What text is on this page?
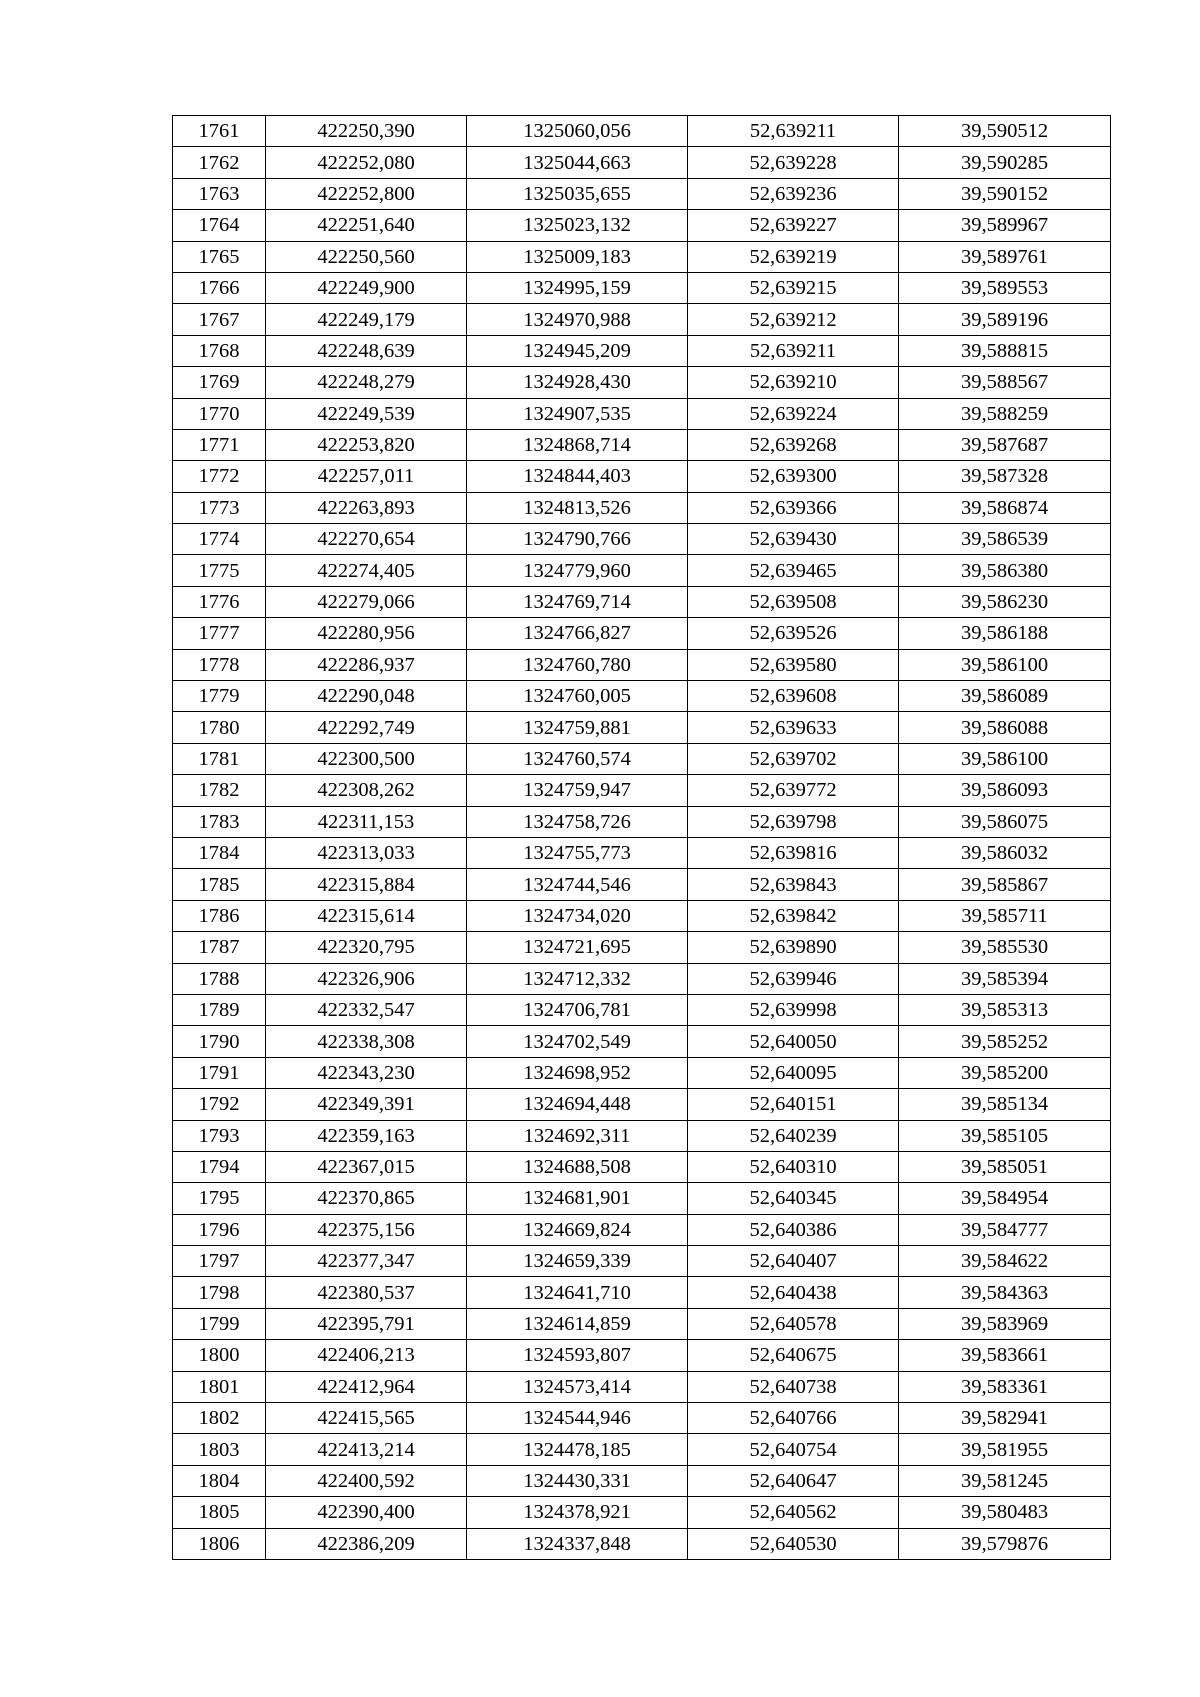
1761	422250,390	1325060,056	52,639211	39,590512
1762	422252,080	1325044,663	52,639228	39,590285
1763	422252,800	1325035,655	52,639236	39,590152
1764	422251,640	1325023,132	52,639227	39,589967
1765	422250,560	1325009,183	52,639219	39,589761
1766	422249,900	1324995,159	52,639215	39,589553
1767	422249,179	1324970,988	52,639212	39,589196
1768	422248,639	1324945,209	52,639211	39,588815
1769	422248,279	1324928,430	52,639210	39,588567
1770	422249,539	1324907,535	52,639224	39,588259
1771	422253,820	1324868,714	52,639268	39,587687
1772	422257,011	1324844,403	52,639300	39,587328
1773	422263,893	1324813,526	52,639366	39,586874
1774	422270,654	1324790,766	52,639430	39,586539
1775	422274,405	1324779,960	52,639465	39,586380
1776	422279,066	1324769,714	52,639508	39,586230
1777	422280,956	1324766,827	52,639526	39,586188
1778	422286,937	1324760,780	52,639580	39,586100
1779	422290,048	1324760,005	52,639608	39,586089
1780	422292,749	1324759,881	52,639633	39,586088
1781	422300,500	1324760,574	52,639702	39,586100
1782	422308,262	1324759,947	52,639772	39,586093
1783	422311,153	1324758,726	52,639798	39,586075
1784	422313,033	1324755,773	52,639816	39,586032
1785	422315,884	1324744,546	52,639843	39,585867
1786	422315,614	1324734,020	52,639842	39,585711
1787	422320,795	1324721,695	52,639890	39,585530
1788	422326,906	1324712,332	52,639946	39,585394
1789	422332,547	1324706,781	52,639998	39,585313
1790	422338,308	1324702,549	52,640050	39,585252
1791	422343,230	1324698,952	52,640095	39,585200
1792	422349,391	1324694,448	52,640151	39,585134
1793	422359,163	1324692,311	52,640239	39,585105
1794	422367,015	1324688,508	52,640310	39,585051
1795	422370,865	1324681,901	52,640345	39,584954
1796	422375,156	1324669,824	52,640386	39,584777
1797	422377,347	1324659,339	52,640407	39,584622
1798	422380,537	1324641,710	52,640438	39,584363
1799	422395,791	1324614,859	52,640578	39,583969
1800	422406,213	1324593,807	52,640675	39,583661
1801	422412,964	1324573,414	52,640738	39,583361
1802	422415,565	1324544,946	52,640766	39,582941
1803	422413,214	1324478,185	52,640754	39,581955
1804	422400,592	1324430,331	52,640647	39,581245
1805	422390,400	1324378,921	52,640562	39,580483
1806	422386,209	1324337,848	52,640530	39,579876
